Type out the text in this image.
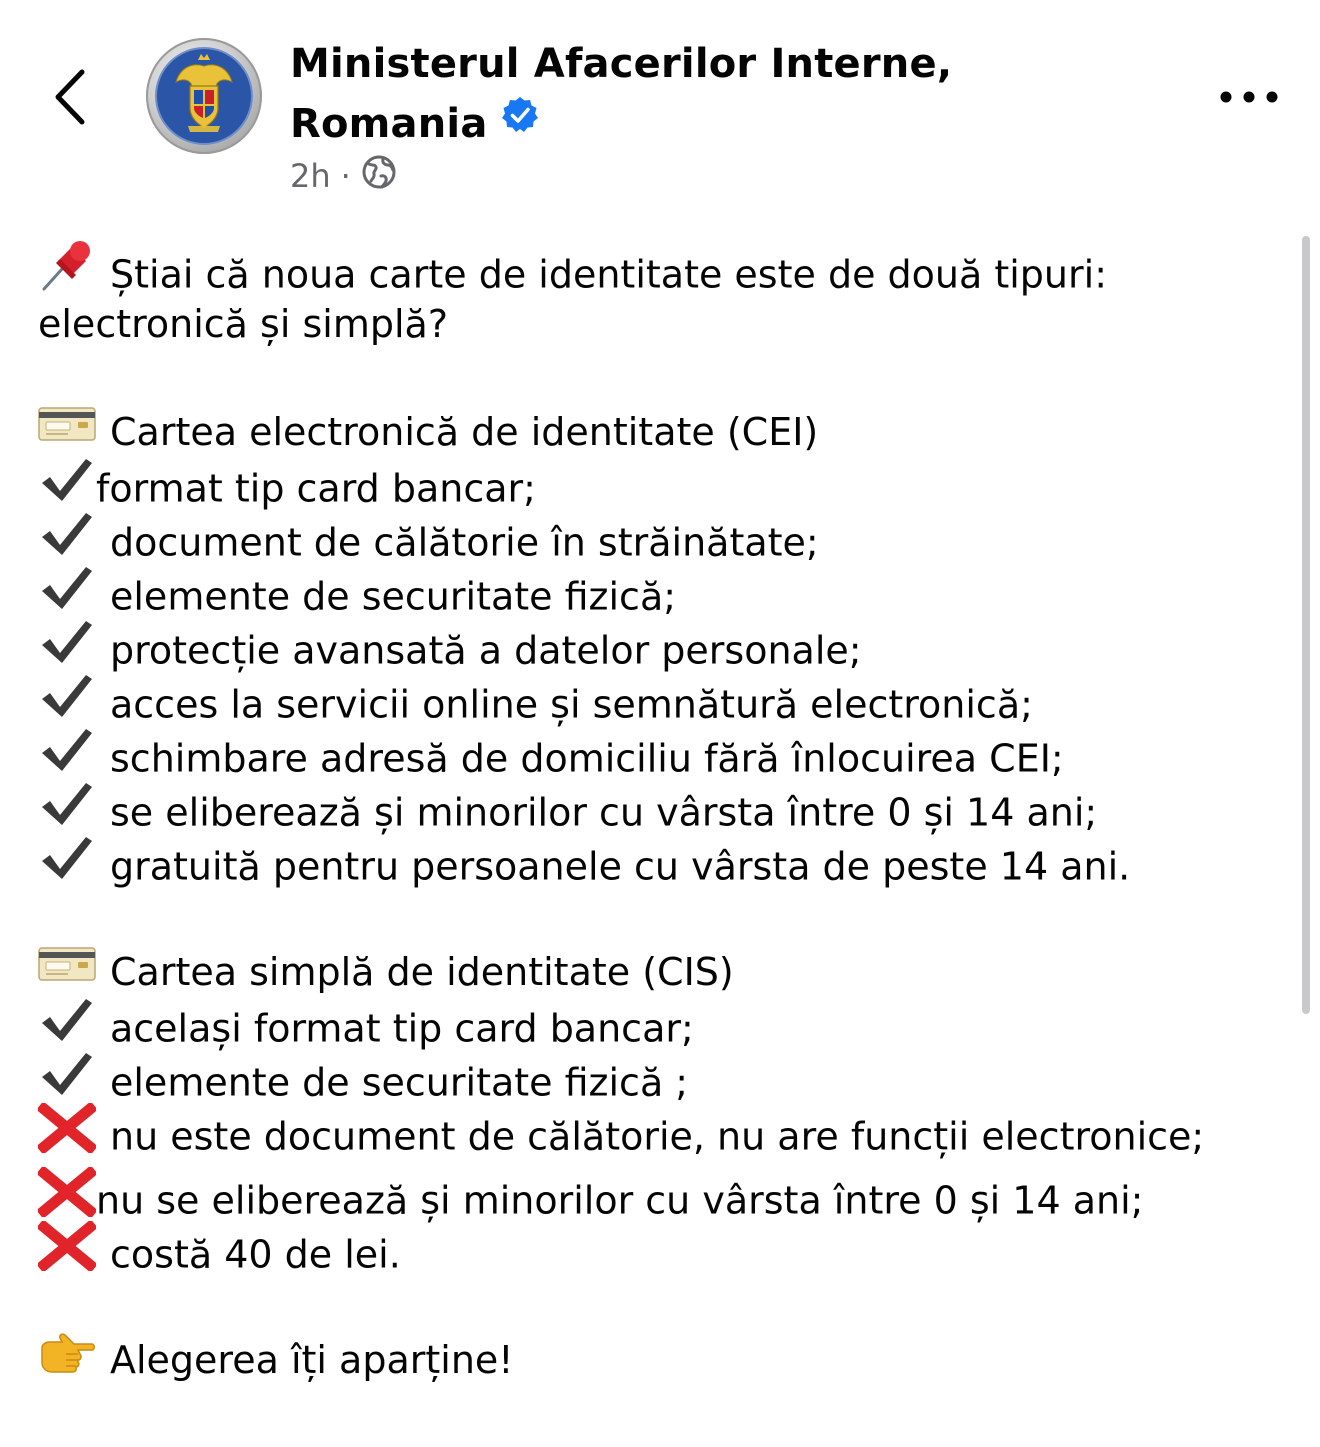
Ministerul Afacerilor Interne,
Romania
2h ·
Știai că noua carte de identitate este de două tipuri:
electronică și simplă?
Cartea electronică de identitate (CEI)
format tip card bancar;
document de călătorie în străinătate;
elemente de securitate fizică;
protecție avansată a datelor personale;
acces la servicii online și semnătură electronică;
schimbare adresă de domiciliu fără înlocuirea CEI;
se eliberează și minorilor cu vârsta între 0 și 14 ani;
gratuită pentru persoanele cu vârsta de peste 14 ani.
Cartea simplă de identitate (CIS)
același format tip card bancar;
elemente de securitate fizică ;
nu este document de călătorie, nu are funcții electronice;
nu se eliberează și minorilor cu vârsta între 0 și 14 ani;
costă 40 de lei.
Alegerea îți aparține!
